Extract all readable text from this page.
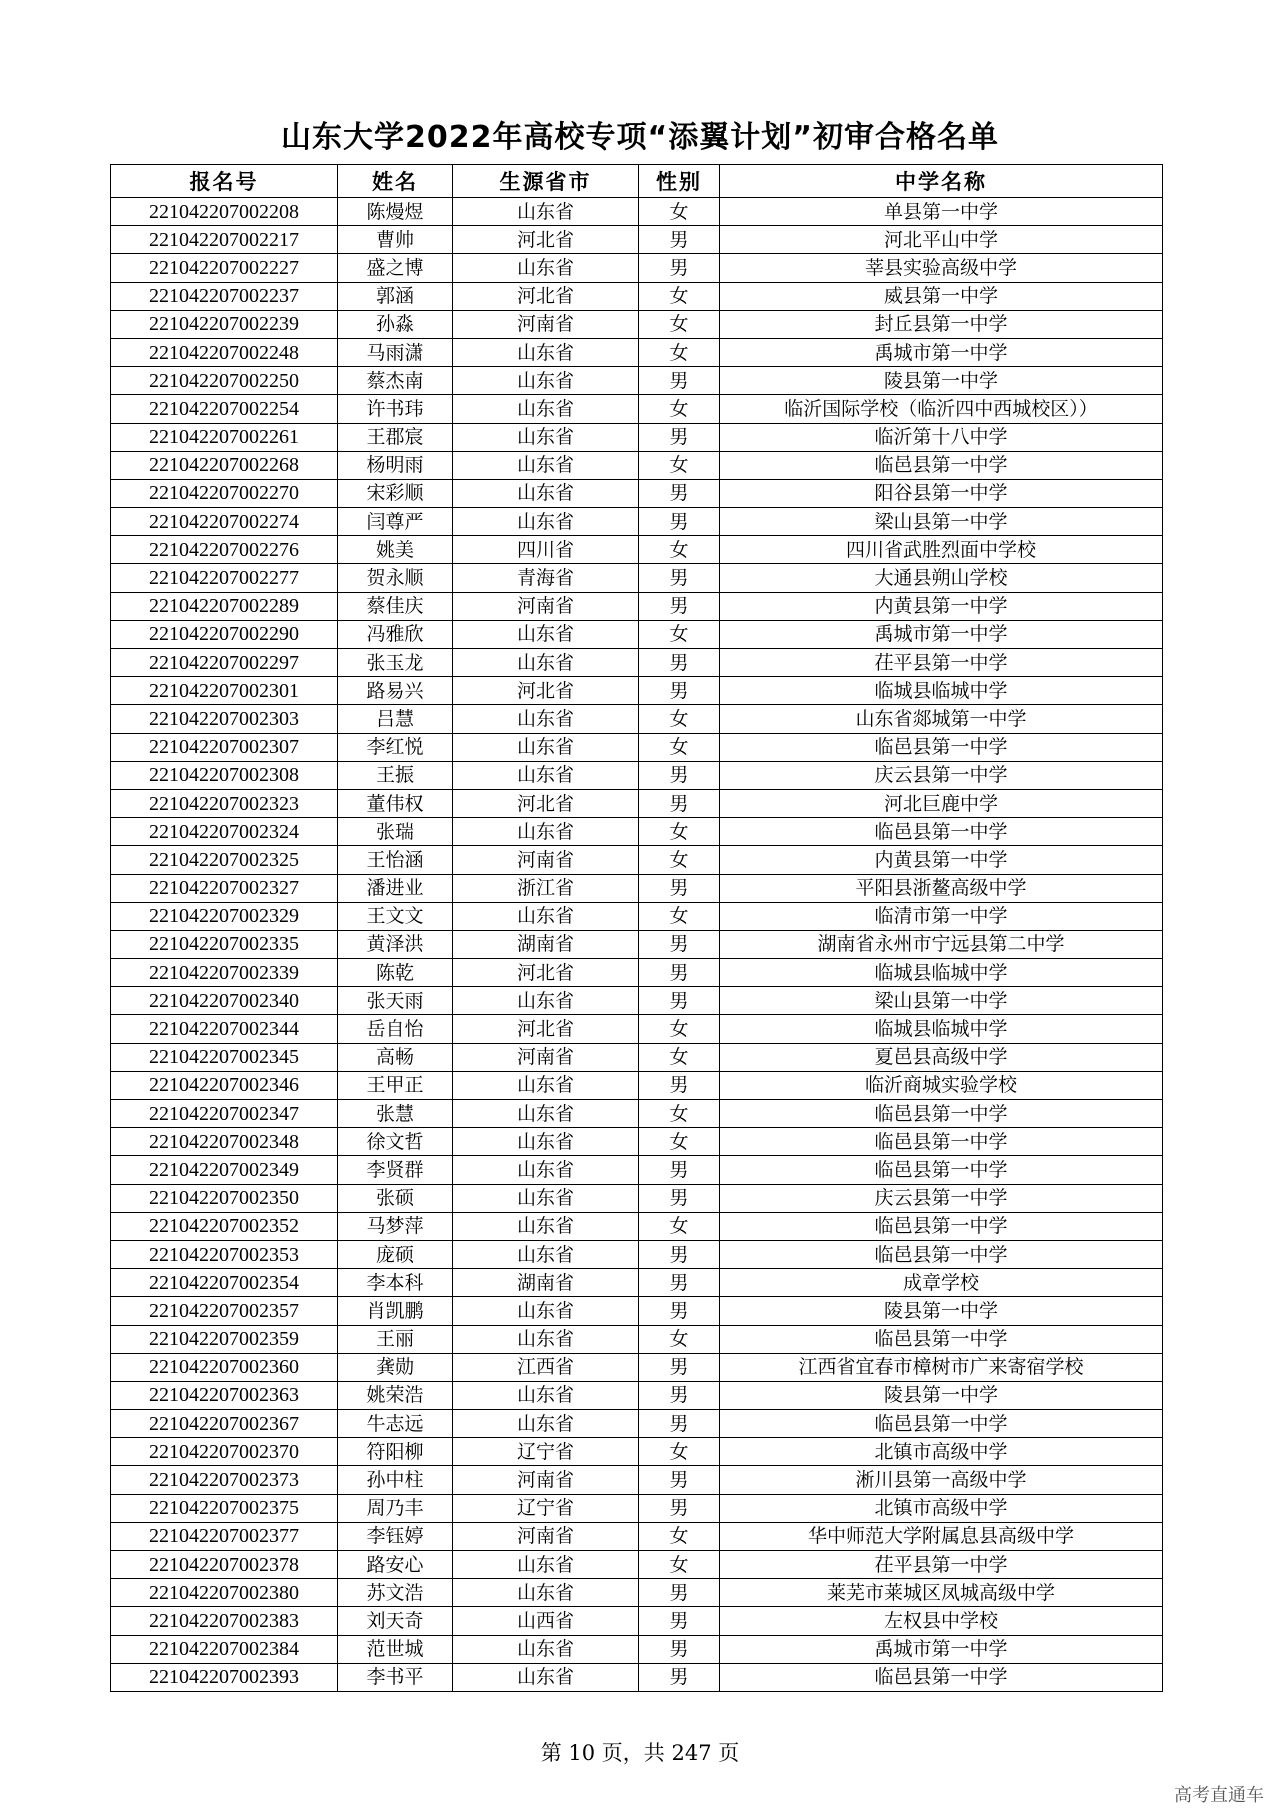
山东大学2022年高校专项“添翼计划”初审合格名单
报名号	姓名	生源省市	性别	中学名称
221042207002208	陈熳煜	山东省	女	单县第一中学
221042207002217	曹帅	河北省	男	河北平山中学
221042207002227	盛之博	山东省	男	莘县实验高级中学
221042207002237	郭涵	河北省	女	威县第一中学
221042207002239	孙淼	河南省	女	封丘县第一中学
221042207002248	马雨潇	山东省	女	禹城市第一中学
221042207002250	蔡杰南	山东省	男	陵县第一中学
221042207002254	许书玮	山东省	女	临沂国际学校（临沂四中西城校区））
221042207002261	王郡宸	山东省	男	临沂第十八中学
221042207002268	杨明雨	山东省	女	临邑县第一中学
221042207002270	宋彩顺	山东省	男	阳谷县第一中学
221042207002274	闫尊严	山东省	男	梁山县第一中学
221042207002276	姚美	四川省	女	四川省武胜烈面中学校
221042207002277	贺永顺	青海省	男	大通县朔山学校
221042207002289	蔡佳庆	河南省	男	内黄县第一中学
221042207002290	冯雅欣	山东省	女	禹城市第一中学
221042207002297	张玉龙	山东省	男	茌平县第一中学
221042207002301	路易兴	河北省	男	临城县临城中学
221042207002303	吕慧	山东省	女	山东省郯城第一中学
221042207002307	李红悦	山东省	女	临邑县第一中学
221042207002308	王振	山东省	男	庆云县第一中学
221042207002323	董伟权	河北省	男	河北巨鹿中学
221042207002324	张瑞	山东省	女	临邑县第一中学
221042207002325	王怡涵	河南省	女	内黄县第一中学
221042207002327	潘进业	浙江省	男	平阳县浙鳌高级中学
221042207002329	王文文	山东省	女	临清市第一中学
221042207002335	黄泽洪	湖南省	男	湖南省永州市宁远县第二中学
221042207002339	陈乾	河北省	男	临城县临城中学
221042207002340	张天雨	山东省	男	梁山县第一中学
221042207002344	岳自怡	河北省	女	临城县临城中学
221042207002345	高畅	河南省	女	夏邑县高级中学
221042207002346	王甲正	山东省	男	临沂商城实验学校
221042207002347	张慧	山东省	女	临邑县第一中学
221042207002348	徐文哲	山东省	女	临邑县第一中学
221042207002349	李贤群	山东省	男	临邑县第一中学
221042207002350	张硕	山东省	男	庆云县第一中学
221042207002352	马梦萍	山东省	女	临邑县第一中学
221042207002353	庞硕	山东省	男	临邑县第一中学
221042207002354	李本科	湖南省	男	成章学校
221042207002357	肖凯鹏	山东省	男	陵县第一中学
221042207002359	王丽	山东省	女	临邑县第一中学
221042207002360	龚勋	江西省	男	江西省宜春市樟树市广来寄宿学校
221042207002363	姚荣浩	山东省	男	陵县第一中学
221042207002367	牛志远	山东省	男	临邑县第一中学
221042207002370	符阳柳	辽宁省	女	北镇市高级中学
221042207002373	孙中柱	河南省	男	淅川县第一高级中学
221042207002375	周乃丰	辽宁省	男	北镇市高级中学
221042207002377	李钰婷	河南省	女	华中师范大学附属息县高级中学
221042207002378	路安心	山东省	女	茌平县第一中学
221042207002380	苏文浩	山东省	男	莱芜市莱城区凤城高级中学
221042207002383	刘天奇	山西省	男	左权县中学校
221042207002384	范世城	山东省	男	禹城市第一中学
221042207002393	李书平	山东省	男	临邑县第一中学
第 10 页，共 247 页
高考直通车
